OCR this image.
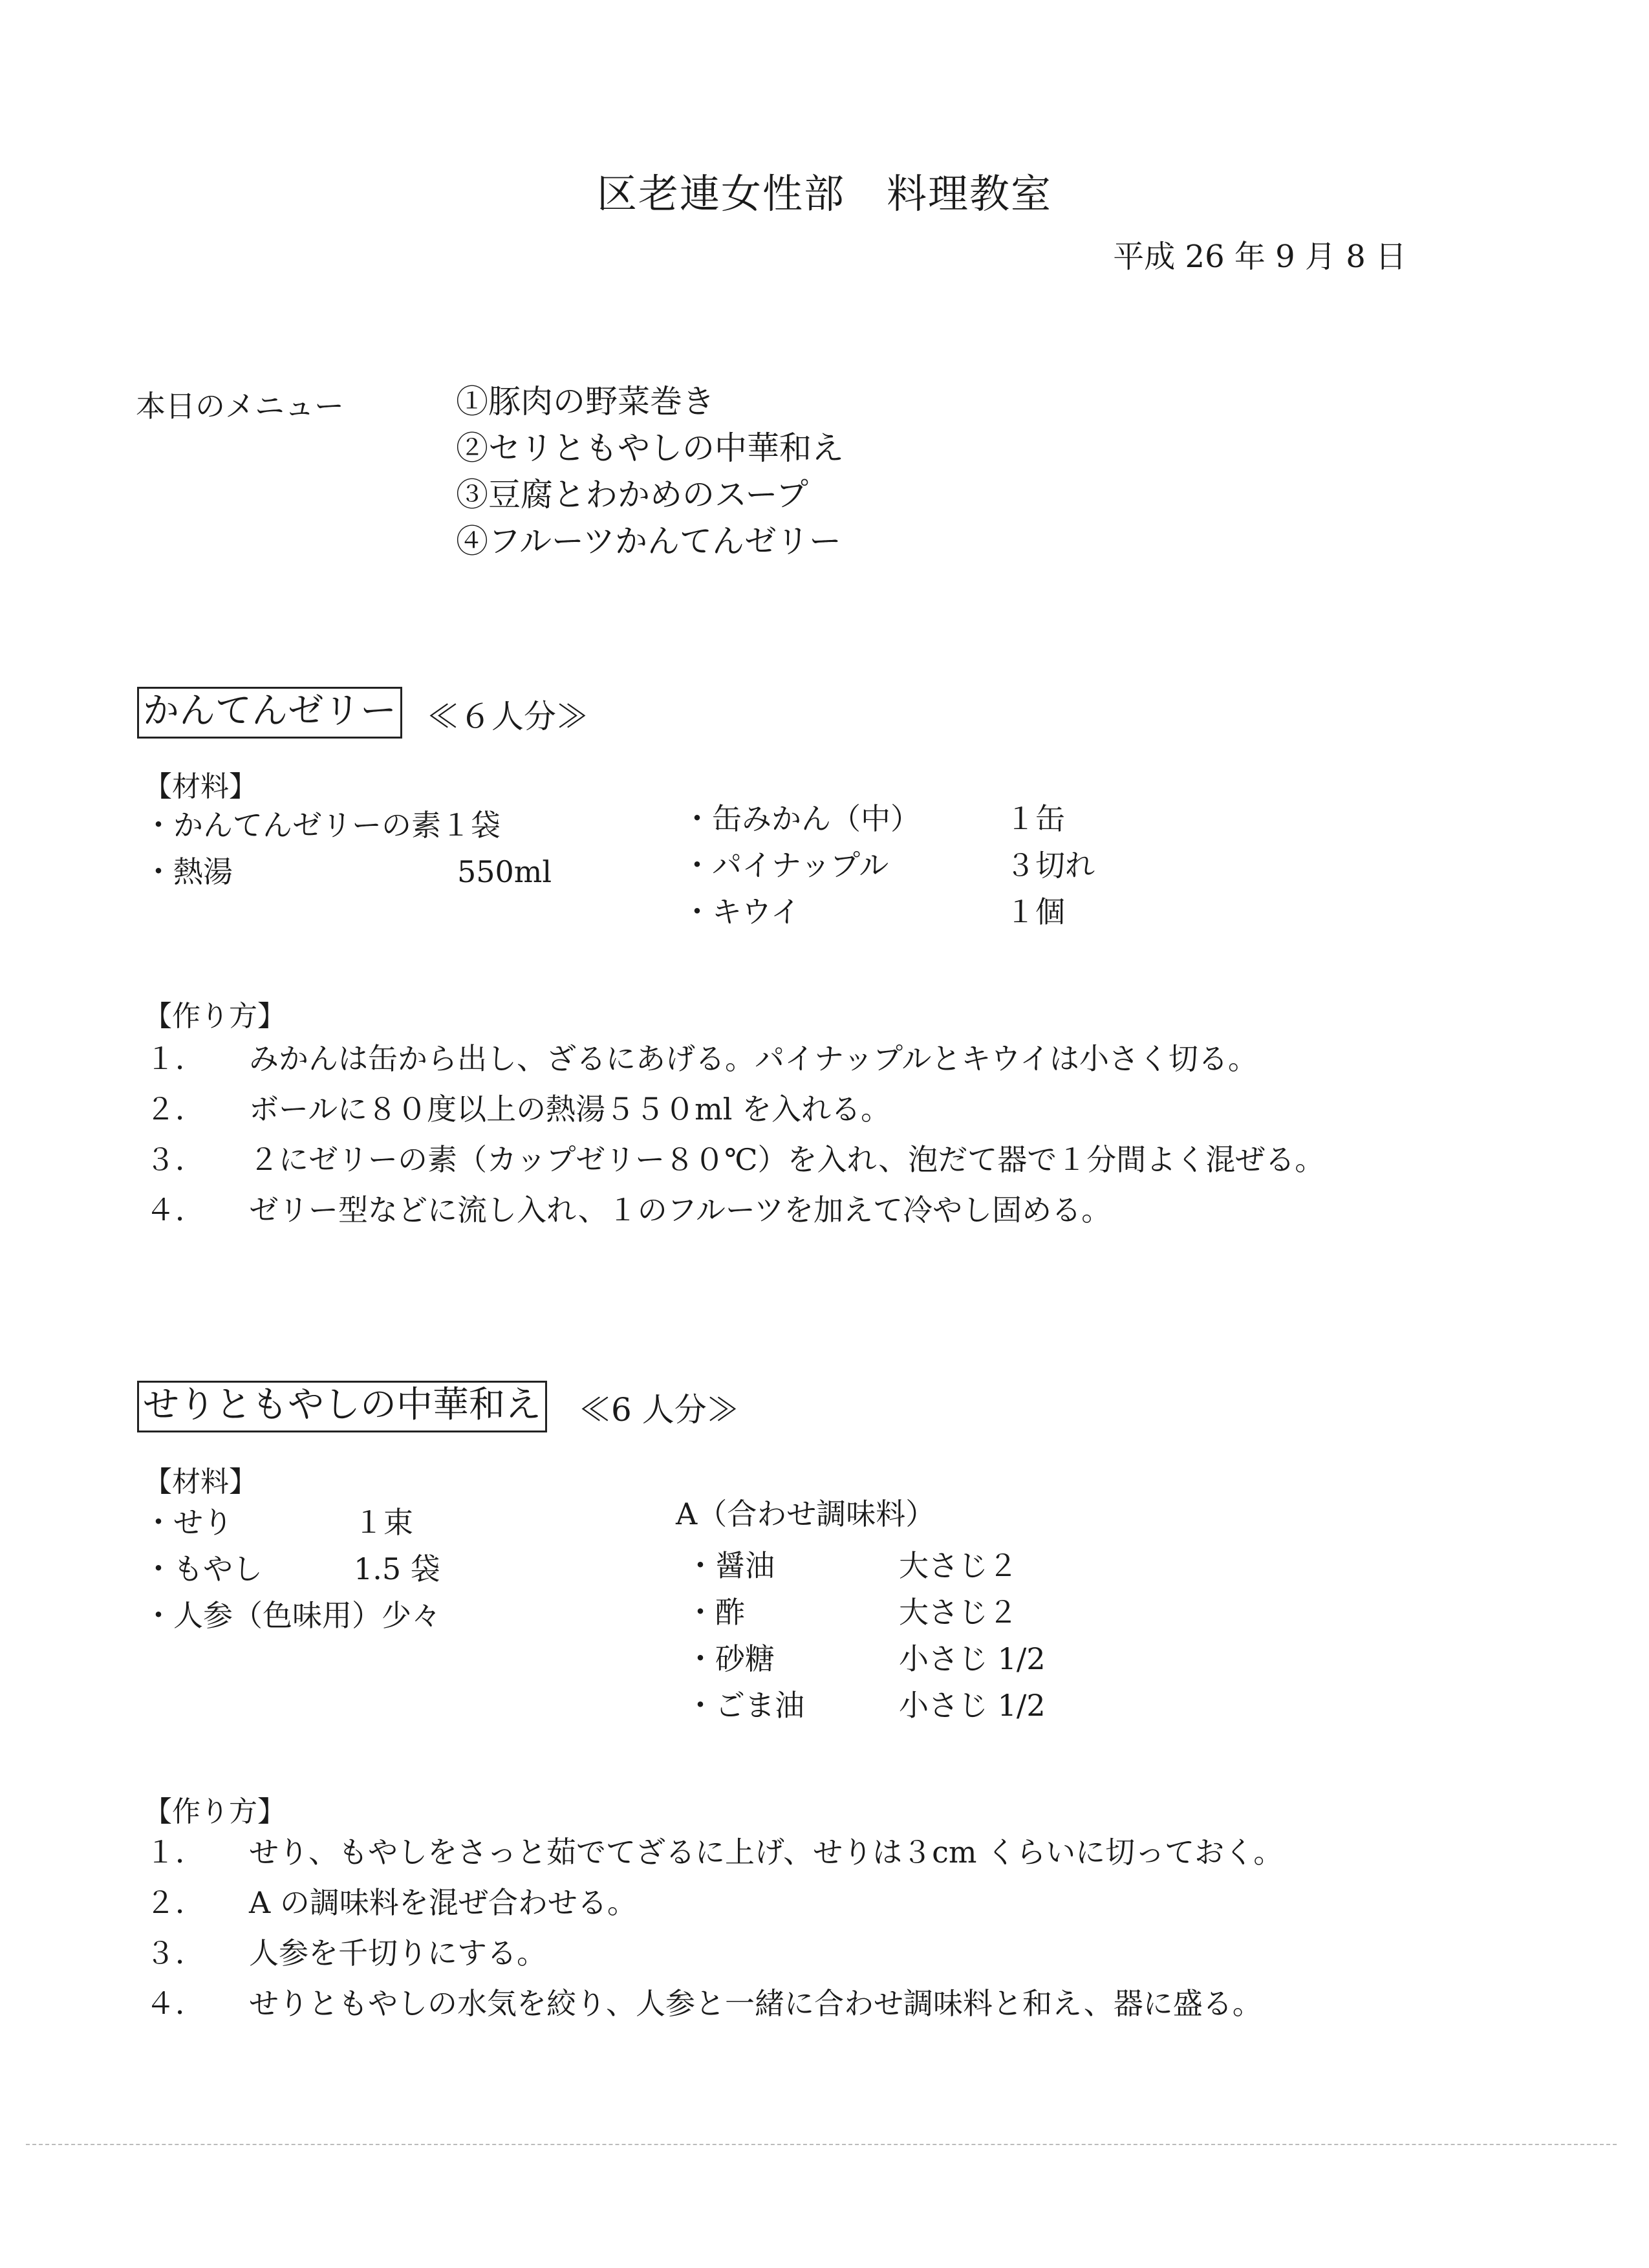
区老連女性部　料理教室
平成 26 年 9 月 8 日
本日のメニュー	①豚肉の野菜巻き
②セリともやしの中華和え
③豆腐とわかめのスープ
④フルーツかんてんゼリー
かんてんゼリー ≪６人分≫
【材料】
・かんてんゼリーの素１袋
・熱湯	550ml
・缶みかん（中）	１缶
・パイナップル	３切れ
・キウイ	１個
【作り方】
１． みかんは缶から出し、ざるにあげる。パイナップルとキウイは小さく切る。
２． ボールに８０度以上の熱湯５５０ml を入れる。
３． ２にゼリーの素（カップゼリー８０℃）を入れ、泡だて器で１分間よく混ぜる。
４． ゼリー型などに流し入れ、１のフルーツを加えて冷やし固める。
せりともやしの中華和え ≪6 人分≫
【材料】
・せり	１束
・もやし	1.5 袋
・人参（色味用）少々
A（合わせ調味料）
・醤油	大さじ２
・酢	大さじ２
・砂糖	小さじ 1/2
・ごま油	小さじ 1/2
【作り方】
１． せり、もやしをさっと茹でてざるに上げ、せりは３cm くらいに切っておく。
２． A の調味料を混ぜ合わせる。
３． 人参を千切りにする。
４． せりともやしの水気を絞り、人参と一緒に合わせ調味料と和え、器に盛る。
